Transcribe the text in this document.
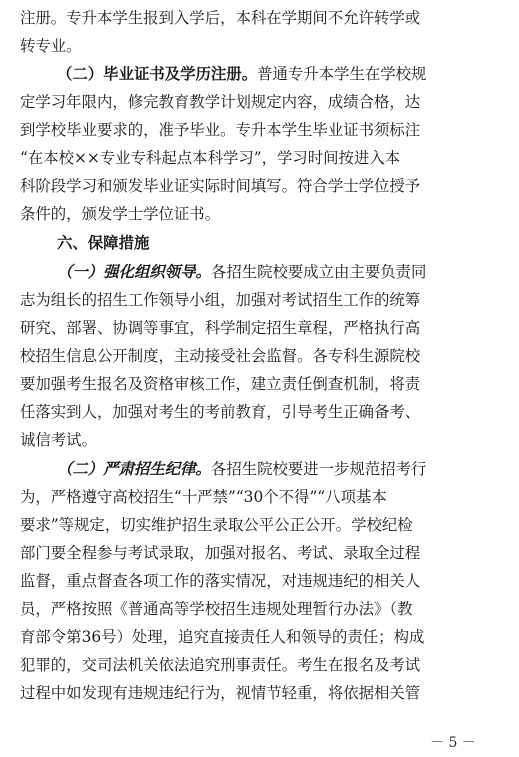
注册。专升本学生报到入学后，本科在学期间不允许转学或
转专业。
（二）毕业证书及学历注册。普通专升本学生在学校规
定学习年限内，修完教育教学计划规定内容，成绩合格，达
到学校毕业要求的，准予毕业。专升本学生毕业证书须标注
“在本校××专业专科起点本科学习”，学习时间按进入本
科阶段学习和颁发毕业证实际时间填写。符合学士学位授予
条件的，颁发学士学位证书。
六、保障措施
（一）强化组织领导。各招生院校要成立由主要负责同
志为组长的招生工作领导小组，加强对考试招生工作的统筹
研究、部署、协调等事宜，科学制定招生章程，严格执行高
校招生信息公开制度，主动接受社会监督。各专科生源院校
要加强考生报名及资格审核工作，建立责任倒查机制，将责
任落实到人，加强对考生的考前教育，引导考生正确备考、
诚信考试。
（二）严肃招生纪律。各招生院校要进一步规范招考行
为，严格遵守高校招生“十严禁”“30个不得”“八项基本
要求”等规定，切实维护招生录取公平公正公开。学校纪检
部门要全程参与考试录取，加强对报名、考试、录取全过程
监督，重点督查各项工作的落实情况，对违规违纪的相关人
员，严格按照《普通高等学校招生违规处理暂行办法》（教
育部令第36号）处理，追究直接责任人和领导的责任；构成
犯罪的，交司法机关依法追究刑事责任。考生在报名及考试
过程中如发现有违规违纪行为，视情节轻重，将依据相关管
－ 5 －
